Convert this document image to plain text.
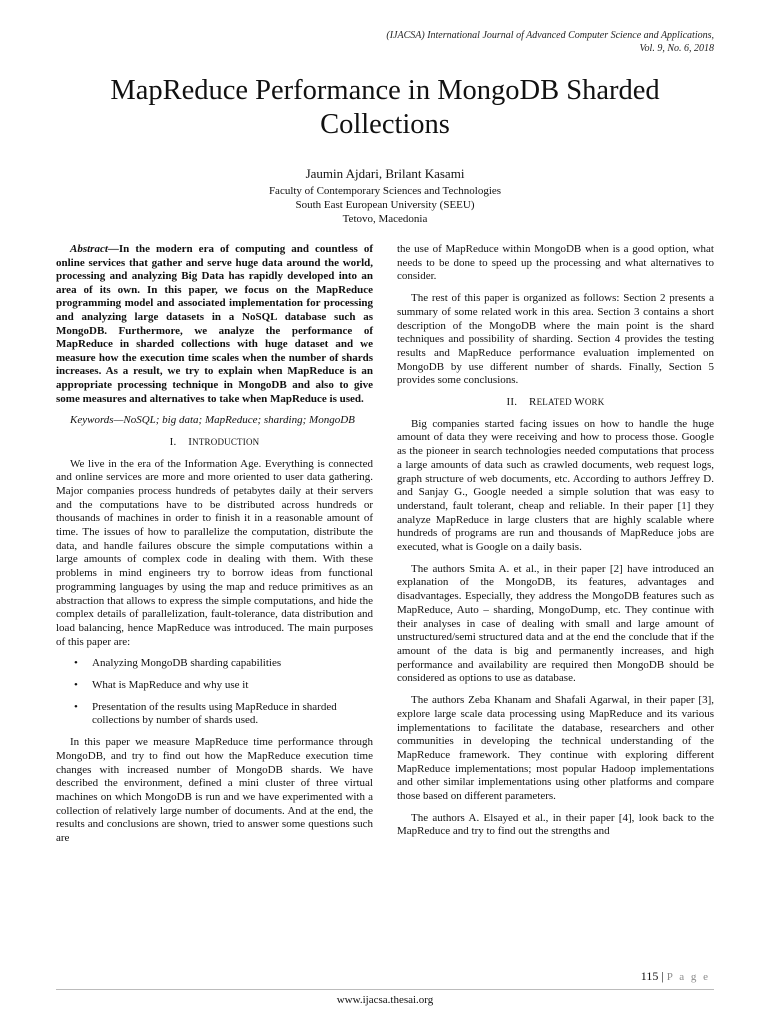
(IJACSA) International Journal of Advanced Computer Science and Applications,
Vol. 9, No. 6, 2018
MapReduce Performance in MongoDB Sharded Collections
Jaumin Ajdari, Brilant Kasami
Faculty of Contemporary Sciences and Technologies
South East European University (SEEU)
Tetovo, Macedonia

Abstract—In the modern era of computing and countless of online services that gather and serve huge data around the world, processing and analyzing Big Data has rapidly developed into an area of its own. In this paper, we focus on the MapReduce programming model and associated implementation for processing and analyzing large datasets in a NoSQL database such as MongoDB. Furthermore, we analyze the performance of MapReduce in sharded collections with huge dataset and we measure how the execution time scales when the number of shards increases. As a result, we try to explain when MapReduce is an appropriate processing technique in MongoDB and also to give some measures and alternatives to take when MapReduce is used.

Keywords—NoSQL; big data; MapReduce; sharding; MongoDB

I. INTRODUCTION

We live in the era of the Information Age. Everything is connected and online services are more and more oriented to user data gathering. Major companies process hundreds of petabytes daily at their servers and the computations have to be distributed across hundreds or thousands of machines in order to finish it in a reasonable amount of time. The issues of how to parallelize the computation, distribute the data, and handle failures obscure the simple computations within a large amounts of complex code in dealing with them. With these problems in mind engineers try to borrow ideas from functional programming languages by using the map and reduce primitives as an abstraction that allows to express the simple computations, and hide the complex details of parallelization, fault-tolerance, data distribution and load balancing, hence MapReduce was introduced. The main purposes of this paper are:

• Analyzing MongoDB sharding capabilities
• What is MapReduce and why use it
• Presentation of the results using MapReduce in sharded collections by number of shards used.

In this paper we measure MapReduce time performance through MongoDB, and try to find out how the MapReduce execution time changes with increased number of MongoDB shards. We have described the environment, defined a mini cluster of three virtual machines on which MongoDB is run and we have experimented with a collection of relatively large number of documents. And at the end, the results and conclusions are shown, tried to answer some questions such are

the use of MapReduce within MongoDB when is a good option, what needs to be done to speed up the processing and what alternatives to consider.

The rest of this paper is organized as follows: Section 2 presents a summary of some related work in this area. Section 3 contains a short description of the MongoDB where the main point is the shard techniques and possibility of sharding. Section 4 provides the testing results and MapReduce performance evaluation implemented on MongoDB by use different number of shards. Finally, Section 5 provides some conclusions.

II. RELATED WORK

Big companies started facing issues on how to handle the huge amount of data they were receiving and how to process those. Google as the pioneer in search technologies needed computations that process a large amounts of data such as crawled documents, web request logs, graph structure of web documents, etc. According to authors Jeffrey D. and Sanjay G., Google needed a simple solution that was easy to understand, fault tolerant, cheap and reliable. In their paper [1] they analyze MapReduce in large clusters that are highly scalable where hundreds of programs are run and thousands of MapReduce jobs are executed, what is Google on a daily basis.

The authors Smita A. et al., in their paper [2] have introduced an explanation of the MongoDB, its features, advantages and disadvantages. Especially, they address the MongoDB features such as MapReduce, Auto – sharding, MongoDump, etc. They continue with their analyses in case of dealing with small and large amount of unstructured/semi structured data and at the end the conclude that if the amount of the data is big and permanently increases, and high performance and availability are required then MongoDB should be considered as options to use as database.

The authors Zeba Khanam and Shafali Agarwal, in their paper [3], explore large scale data processing using MapReduce and its various implementations to facilitate the database, researchers and other communities in developing the technical understanding of the MapReduce framework. They continue with exploring different MapReduce implementations; most popular Hadoop implementations and other similar implementations using other platforms and compare those based on different parameters.

The authors A. Elsayed et al., in their paper [4], look back to the MapReduce and try to find out the strengths and

115 | P a g e
www.ijacsa.thesai.org
